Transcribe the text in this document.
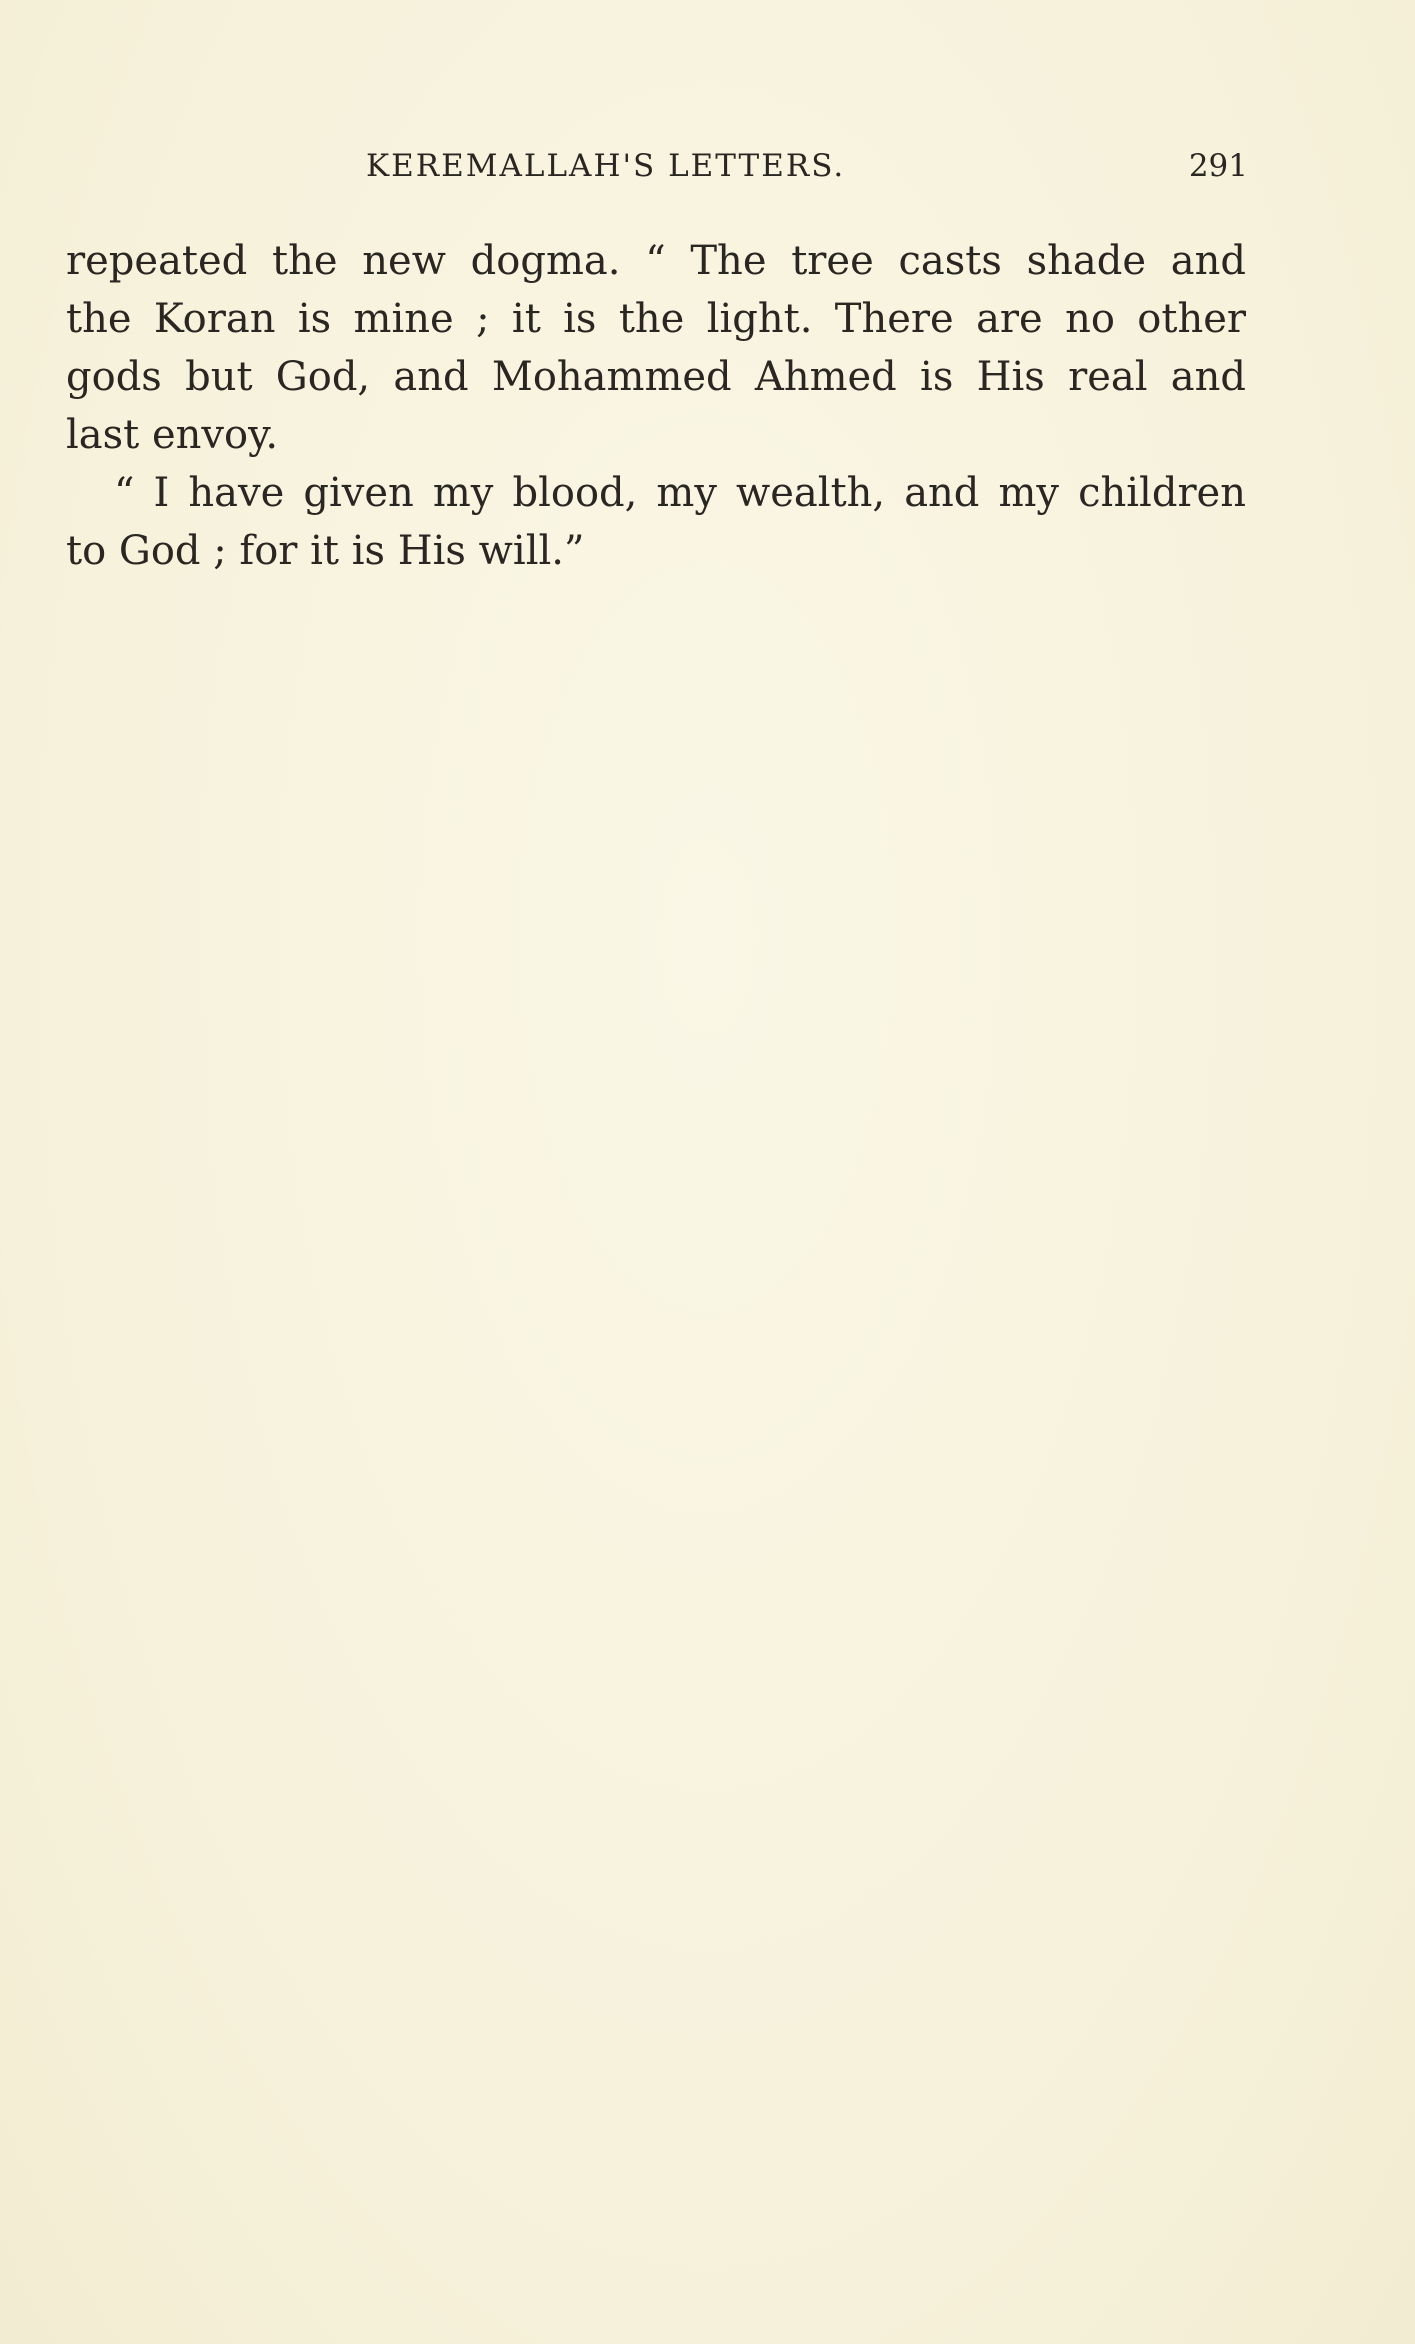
KEREMALLAH'S LETTERS.	291
repeated the new dogma. “ The tree casts shade and
the Koran is mine ; it is the light. There are no other
gods but God, and Mohammed Ahmed is His real and
last envoy.
“ I have given my blood, my wealth, and my children
to God ; for it is His will.”
